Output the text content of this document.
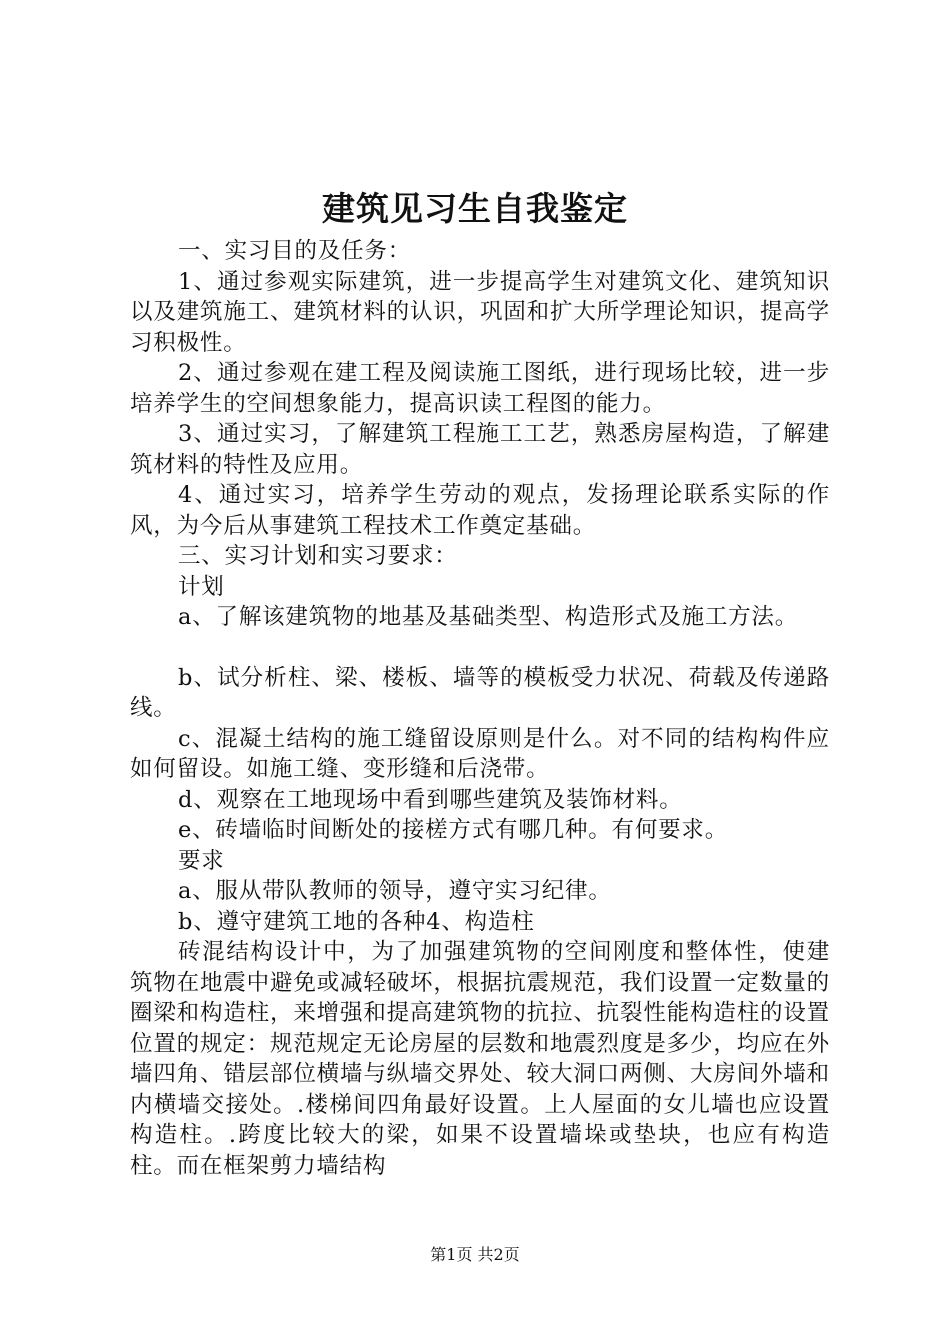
建筑见习生自我鉴定

一、实习目的及任务：

1、通过参观实际建筑，进一步提高学生对建筑文化、建筑知识以及建筑施工、建筑材料的认识，巩固和扩大所学理论知识，提高学习积极性。

2、通过参观在建工程及阅读施工图纸，进行现场比较，进一步培养学生的空间想象能力，提高识读工程图的能力。

3、通过实习，了解建筑工程施工工艺，熟悉房屋构造，了解建筑材料的特性及应用。

4、通过实习，培养学生劳动的观点，发扬理论联系实际的作风，为今后从事建筑工程技术工作奠定基础。

三、实习计划和实习要求：

计划

a、了解该建筑物的地基及基础类型、构造形式及施工方法。

b、试分析柱、梁、楼板、墙等的模板受力状况、荷载及传递路线。

c、混凝土结构的施工缝留设原则是什么。对不同的结构构件应如何留设。如施工缝、变形缝和后浇带。

d、观察在工地现场中看到哪些建筑及装饰材料。

e、砖墙临时间断处的接槎方式有哪几种。有何要求。

要求

a、服从带队教师的领导，遵守实习纪律。

b、遵守建筑工地的各种4、构造柱

砖混结构设计中，为了加强建筑物的空间刚度和整体性，使建筑物在地震中避免或减轻破坏，根据抗震规范，我们设置一定数量的圈梁和构造柱，来增强和提高建筑物的抗拉、抗裂性能构造柱的设置位置的规定：规范规定无论房屋的层数和地震烈度是多少，均应在外墙四角、错层部位横墙与纵墙交界处、较大洞口两侧、大房间外墙和内横墙交接处。.楼梯间四角最好设置。上人屋面的女儿墙也应设置构造柱。.跨度比较大的梁，如果不设置墙垛或垫块，也应有构造柱。而在框架剪力墙结构

第1页 共2页
